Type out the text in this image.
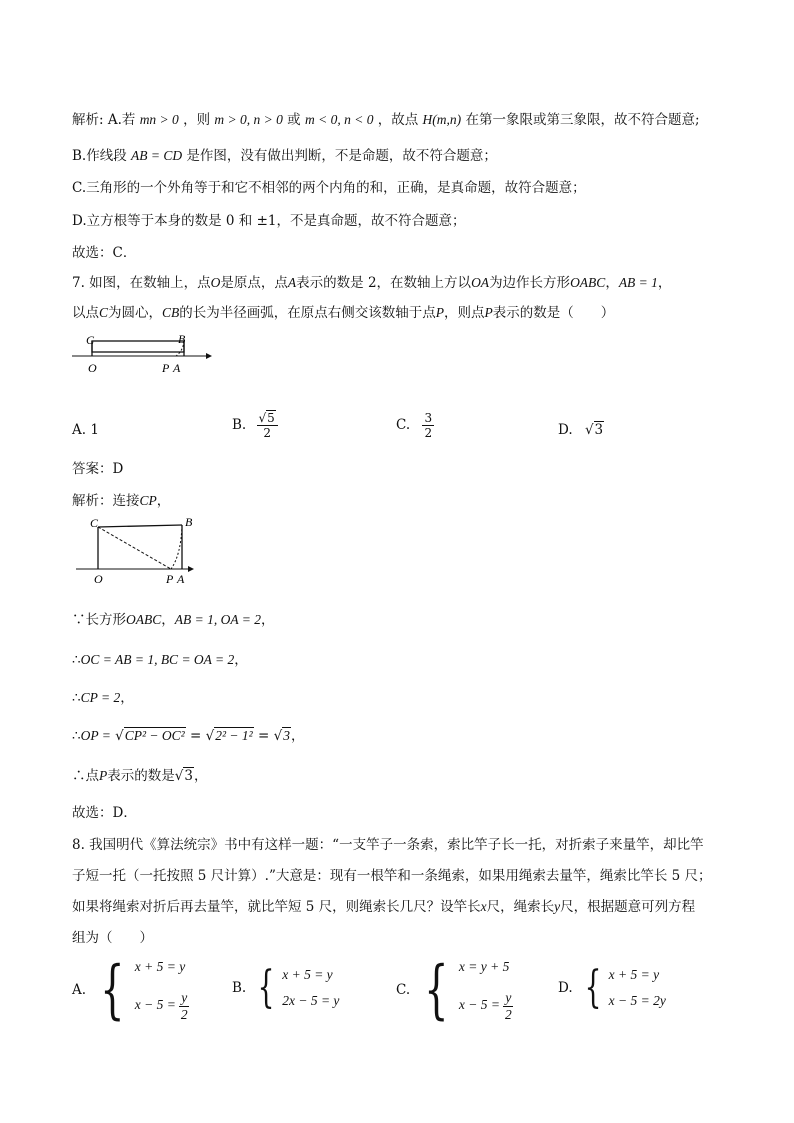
解析: A.若 mn > 0 ，则 m > 0, n > 0 或 m < 0, n < 0 ，故点 H(m,n) 在第一象限或第三象限，故不符合题意;
B.作线段 AB = CD 是作图，没有做出判断，不是命题，故不符合题意；
C.三角形的一个外角等于和它不相邻的两个内角的和，正确，是真命题，故符合题意；
D.立方根等于本身的数是 0 和 ±1，不是真命题，故不符合题意；
故选：C．
7. 如图，在数轴上，点O是原点，点A表示的数是 2，在数轴上方以OA为边作长方形OABC，AB = 1，
以点C为圆心，CB的长为半径画弧，在原点右侧交该数轴于点P，则点P表示的数是（　　）
C	B
O	P A
A. 1	B. $\frac{√5}{2}$	C. $\frac{3}{2}$	D. √3
答案：D
解析：连接CP，
C	B
O	P A
∵长方形OABC，AB = 1, OA = 2，
∴OC = AB = 1, BC = OA = 2，
∴CP = 2，
∴OP = √CP² − OC² = √2² − 1² = √3，
∴点P表示的数是√3，
故选：D．
8. 我国明代《算法统宗》书中有这样一题：“一支竿子一条索，索比竿子长一托，对折索子来量竿，却比竿
子短一托（一托按照 5 尺计算）.”大意是：现有一根竿和一条绳索，如果用绳索去量竿，绳索比竿长 5 尺；
如果将绳索对折后再去量竿，就比竿短 5 尺，则绳索长几尺？设竿长x尺，绳索长y尺，根据题意可列方程
组为（　　）
A. { x + 5 = y
$x - 5 = \frac{y}{2}$
B. { x + 5 = y
2x − 5 = y
C. { x = y + 5
$x - 5 = \frac{y}{2}$
D. { x + 5 = y
x − 5 = 2y
